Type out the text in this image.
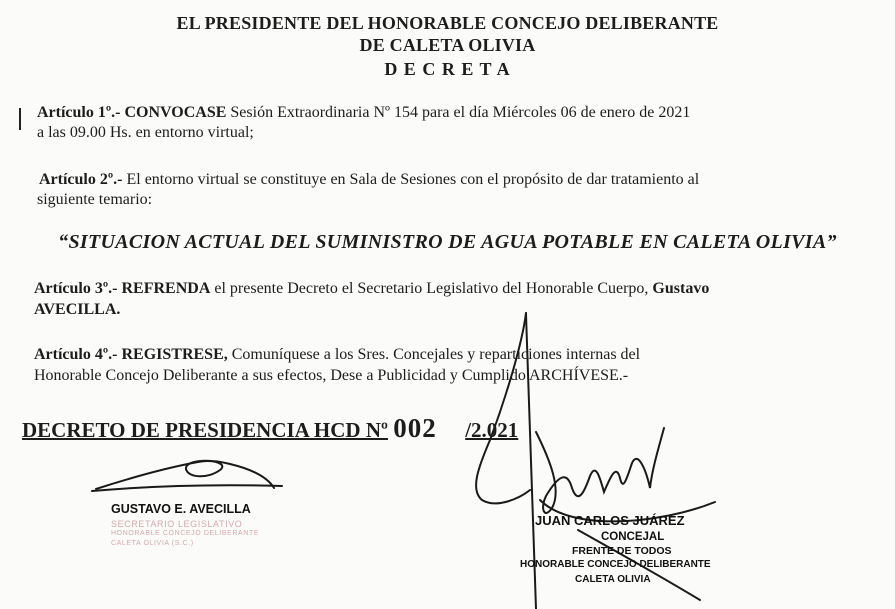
EL PRESIDENTE DEL HONORABLE CONCEJO DELIBERANTE
DE CALETA OLIVIA
D E C R E T A
Artículo 1º.- CONVOCASE Sesión Extraordinaria Nº 154 para el día Miércoles 06 de enero de 2021
a las 09.00 Hs. en entorno virtual;
Artículo 2º.- El entorno virtual se constituye en Sala de Sesiones con el propósito de dar tratamiento al
siguiente temario:
“SITUACION ACTUAL DEL SUMINISTRO DE AGUA POTABLE EN CALETA OLIVIA”
Artículo 3º.- REFRENDA el presente Decreto el Secretario Legislativo del Honorable Cuerpo, Gustavo
AVECILLA.
Artículo 4º.- REGISTRESE, Comuníquese a los Sres. Concejales y reparticiones internas del
Honorable Concejo Deliberante a sus efectos, Dese a Publicidad y Cumplido ARCHÍVESE.-
DECRETO DE PRESIDENCIA HCD Nº 002 /2.021
GUSTAVO E. AVECILLA
SECRETARIO LEGISLATIVO
HONORABLE CONCEJO DELIBERANTE
CALETA OLIVIA (S.C.)
JUAN CARLOS JUÁREZ
CONCEJAL
FRENTE DE TODOS
HONORABLE CONCEJO DELIBERANTE
CALETA OLIVIA
